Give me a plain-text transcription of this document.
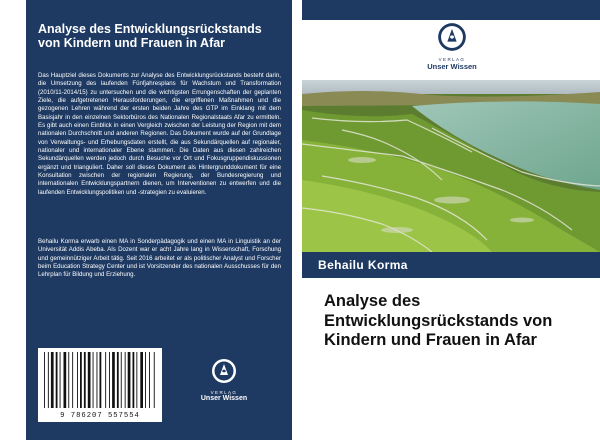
Analyse des Entwicklungsrückstands von Kindern und Frauen in Afar
Das Hauptziel dieses Dokuments zur Analyse des Entwicklungsrückstands besteht darin, die Umsetzung des laufenden Fünfjahresplans für Wachstum und Transformation (2010/11-2014/15) zu untersuchen und die wichtigsten Errungenschaften der geplanten Ziele, die aufgetretenen Herausforderungen, die ergriffenen Maßnahmen und die gezogenen Lehren während der ersten beiden Jahre des GTP im Einklang mit dem Basisjahr in den einzelnen Sektorbüros des Nationalen Regionalstaats Afar zu ermitteln. Es gibt auch einen Einblick in einen Vergleich zwischen der Leistung der Region mit dem nationalen Durchschnitt und anderen Regionen. Das Dokument wurde auf der Grundlage von Verwaltungs- und Erhebungsdaten erstellt, die aus Sekundärquellen auf regionaler, nationaler und internationaler Ebene stammen. Die Daten aus diesen zahlreichen Sekundärquellen werden jedoch durch Besuche vor Ort und Fokusgruppendiskussionen ergänzt und trianguliert. Daher soll dieses Dokument als Hintergrunddokument für eine Konsultation zwischen der regionalen Regierung, der Bundesregierung und internationalen Entwicklungspartnern dienen, um Interventionen zu entwerfen und die laufenden Entwicklungspolitiken und -strategien zu evaluieren.
Behailu Korma erwarb einen MA in Sonderpädagogik und einen MA in Linguistik an der Universität Addis Abeba. Als Dozent war er acht Jahre lang in Wissenschaft, Forschung und gemeinnütziger Arbeit tätig. Seit 2016 arbeitet er als politischer Analyst und Forscher beim Education Strategy Center und ist Vorsitzender des nationalen Ausschusses für den Lehrplan für Bildung und Erziehung.
9 786207 557554
VERLAG
Unser Wissen
VERLAG
Unser Wissen
Behailu Korma
Analyse des Entwicklungsrückstands von Kindern und Frauen in Afar
